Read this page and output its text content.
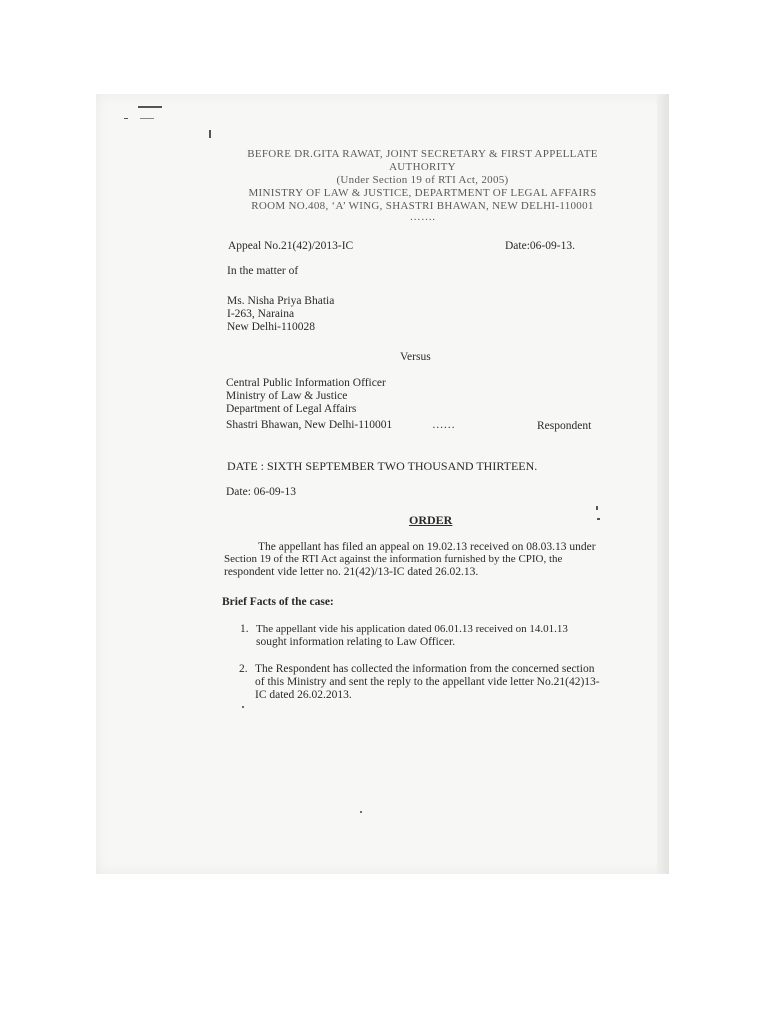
BEFORE DR.GITA RAWAT, JOINT SECRETARY & FIRST APPELLATE
AUTHORITY
(Under Section 19 of RTI Act, 2005)
MINISTRY OF LAW & JUSTICE, DEPARTMENT OF LEGAL AFFAIRS
ROOM NO.408, ‘A’ WING, SHASTRI BHAWAN, NEW DELHI-110001
…….
Appeal No.21(42)/2013-IC	Date:06-09-13.
In the matter of
Ms. Nisha Priya Bhatia
I-263, Naraina
New Delhi-110028
Versus
Central Public Information Officer
Ministry of Law & Justice
Department of Legal Affairs
Shastri Bhawan, New Delhi-110001	……	Respondent
DATE : SIXTH SEPTEMBER TWO THOUSAND THIRTEEN.
Date: 06-09-13
ORDER
The appellant has filed an appeal on 19.02.13 received on 08.03.13 under
Section 19 of the RTI Act against the information furnished by the CPIO, the
respondent vide letter no. 21(42)/13-IC dated 26.02.13.
Brief Facts of the case:
1. The appellant vide his application dated 06.01.13 received on 14.01.13
sought information relating to Law Officer.
2. The Respondent has collected the information from the concerned section
of this Ministry and sent the reply to the appellant vide letter No.21(42)13-
IC dated 26.02.2013.
